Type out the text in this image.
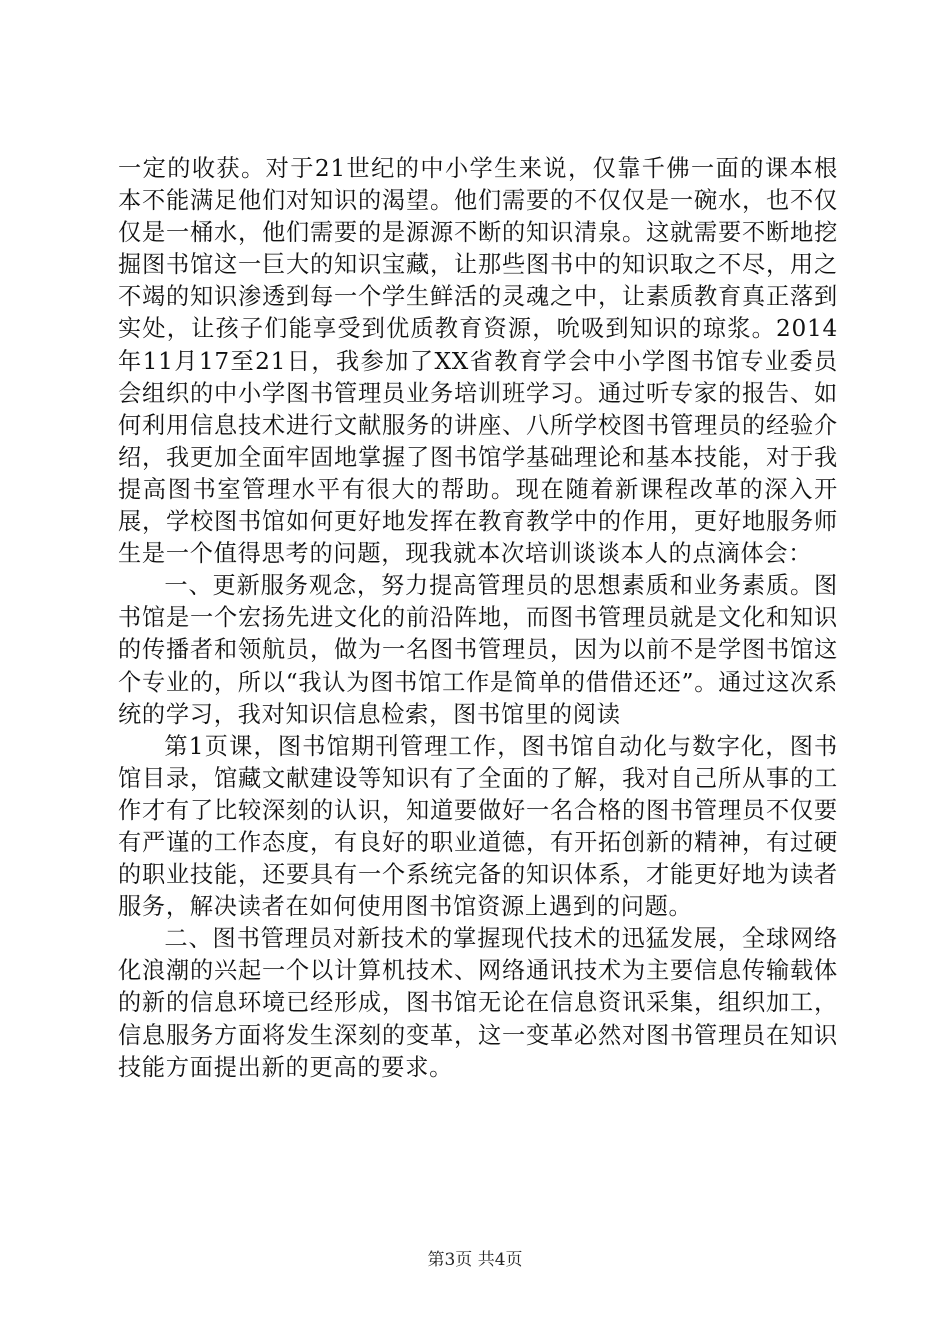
一定的收获。对于21世纪的中小学生来说，仅靠千佛一面的课本根本不能满足他们对知识的渴望。他们需要的不仅仅是一碗水，也不仅仅是一桶水，他们需要的是源源不断的知识清泉。这就需要不断地挖掘图书馆这一巨大的知识宝藏，让那些图书中的知识取之不尽，用之不竭的知识渗透到每一个学生鲜活的灵魂之中，让素质教育真正落到实处，让孩子们能享受到优质教育资源，吮吸到知识的琼浆。2014年11月17至21日，我参加了XX省教育学会中小学图书馆专业委员会组织的中小学图书管理员业务培训班学习。通过听专家的报告、如何利用信息技术进行文献服务的讲座、八所学校图书管理员的经验介绍，我更加全面牢固地掌握了图书馆学基础理论和基本技能，对于我提高图书室管理水平有很大的帮助。现在随着新课程改革的深入开展，学校图书馆如何更好地发挥在教育教学中的作用，更好地服务师生是一个值得思考的问题，现我就本次培训谈谈本人的点滴体会：

一、更新服务观念，努力提高管理员的思想素质和业务素质。图书馆是一个宏扬先进文化的前沿阵地，而图书管理员就是文化和知识的传播者和领航员，做为一名图书管理员，因为以前不是学图书馆这个专业的，所以“我认为图书馆工作是简单的借借还还”。通过这次系统的学习，我对知识信息检索，图书馆里的阅读

第1页课，图书馆期刊管理工作，图书馆自动化与数字化，图书馆目录，馆藏文献建设等知识有了全面的了解，我对自己所从事的工作才有了比较深刻的认识，知道要做好一名合格的图书管理员不仅要有严谨的工作态度，有良好的职业道德，有开拓创新的精神，有过硬的职业技能，还要具有一个系统完备的知识体系，才能更好地为读者服务，解决读者在如何使用图书馆资源上遇到的问题。

二、图书管理员对新技术的掌握现代技术的迅猛发展，全球网络化浪潮的兴起一个以计算机技术、网络通讯技术为主要信息传输载体的新的信息环境已经形成，图书馆无论在信息资讯采集，组织加工，信息服务方面将发生深刻的变革，这一变革必然对图书管理员在知识技能方面提出新的更高的要求。

第3页 共4页
